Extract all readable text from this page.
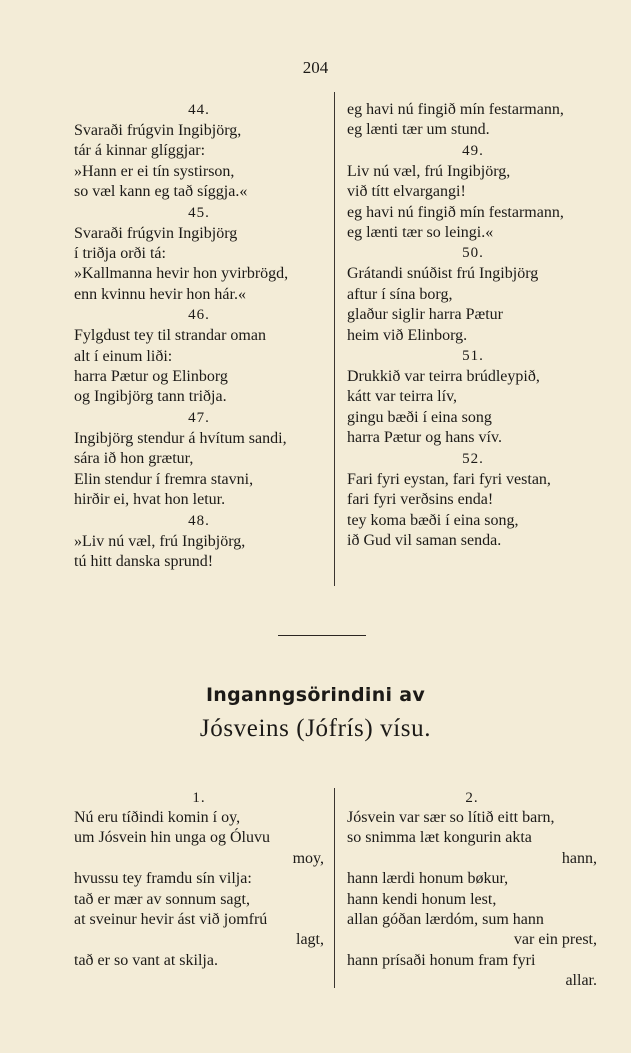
204
44.
Svaraði frúgvin Ingibjörg,
tár á kinnar glíggjar:
»Hann er ei tín systirson,
so væl kann eg tað síggja.«
45.
Svaraði frúgvin Ingibjörg
í triðja orði tá:
»Kallmanna hevir hon yvirbrögd,
enn kvinnu hevir hon hár.«
46.
Fylgdust tey til strandar oman
alt í einum liði:
harra Pætur og Elinborg
og Ingibjörg tann triðja.
47.
Ingibjörg stendur á hvítum sandi,
sára ið hon grætur,
Elin stendur í fremra stavni,
hirðir ei, hvat hon letur.
48.
»Liv nú væl, frú Ingibjörg,
tú hitt danska sprund!
eg havi nú fingið mín festarmann,
eg lænti tær um stund.
49.
Liv nú væl, frú Ingibjörg,
við títt elvargangi!
eg havi nú fingið mín festarmann,
eg lænti tær so leingi.«
50.
Grátandi snúðist frú Ingibjörg
aftur í sína borg,
glaður siglir harra Pætur
heim við Elinborg.
51.
Drukkið var teirra brúdleypið,
kátt var teirra lív,
gingu bæði í eina song
harra Pætur og hans vív.
52.
Fari fyri eystan, fari fyri vestan,
fari fyri verðsins enda!
tey koma bæði í eina song,
ið Gud vil saman senda.
Inganngsörindini av
Jósveins (Jófrís) vísu.
1.
Nú eru tíðindi komin í oy,
um Jósvein hin unga og Óluvu
moy,
hvussu tey framdu sín vilja:
tað er mær av sonnum sagt,
at sveinur hevir ást við jomfrú
lagt,
tað er so vant at skilja.
2.
Jósvein var sær so lítið eitt barn,
so snimma læt kongurin akta
hann,
hann lærdi honum bøkur,
hann kendi honum lest,
allan góðan lærdóm, sum hann
var ein prest,
hann prísaði honum fram fyri
allar.
